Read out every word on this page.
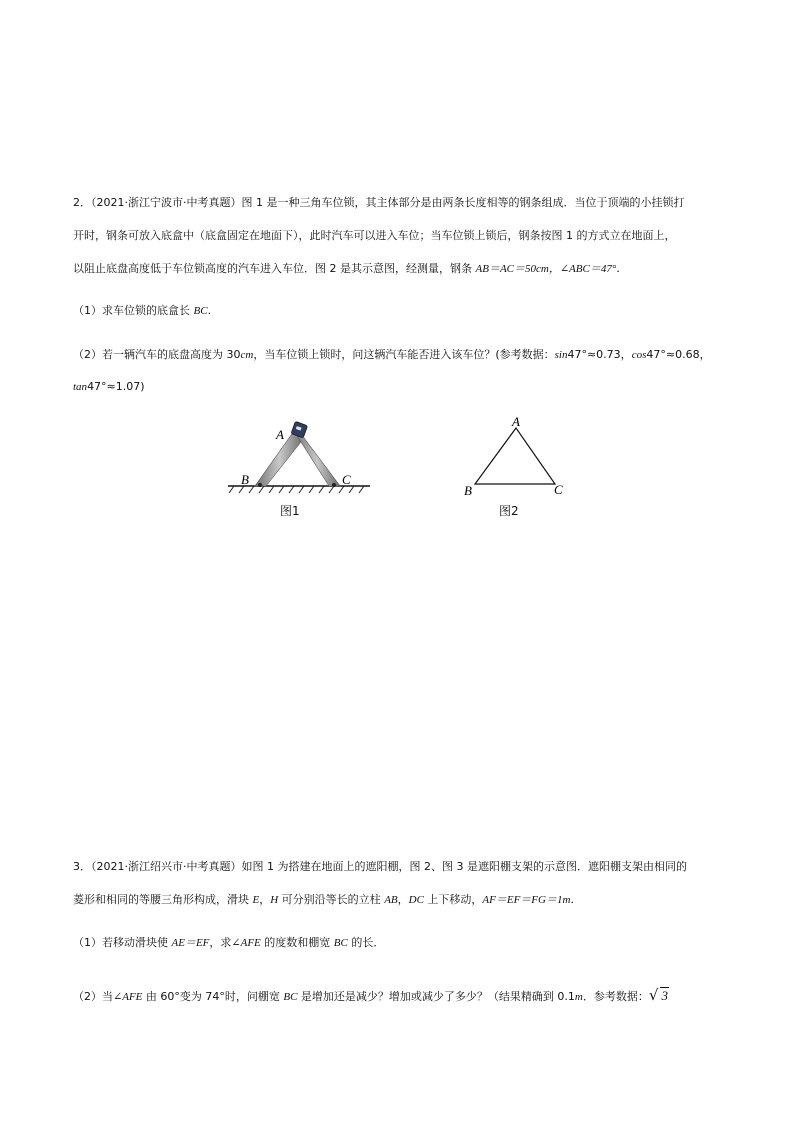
2．（2021·浙江宁波市·中考真题）图 1 是一种三角车位锁，其主体部分是由两条长度相等的钢条组成．当位于顶端的小挂锁打
开时，钢条可放入底盒中（底盒固定在地面下），此时汽车可以进入车位；当车位锁上锁后，钢条按图 1 的方式立在地面上，
以阻止底盘高度低于车位锁高度的汽车进入车位．图 2 是其示意图，经测量，钢条 AB＝AC＝50cm，∠ABC＝47°．
（1）求车位锁的底盒长 BC．
（2）若一辆汽车的底盘高度为 30cm，当车位锁上锁时，问这辆汽车能否进入该车位？(参考数据：sin47°≈0.73，cos47°≈0.68，
tan47°≈1.07)
A
B	C
图1
A
B	C
图2
3．（2021·浙江绍兴市·中考真题）如图 1 为搭建在地面上的遮阳棚，图 2、图 3 是遮阳棚支架的示意图．遮阳棚支架由相同的
菱形和相同的等腰三角形构成，滑块 E，H 可分别沿等长的立柱 AB，DC 上下移动，AF＝EF＝FG＝1m．
（1）若移动滑块使 AE＝EF，求∠AFE 的度数和棚宽 BC 的长．
（2）当∠AFE 由 60°变为 74°时，问棚宽 BC 是增加还是减少？增加或减少了多少？（结果精确到 0.1m．参考数据：√ 3
